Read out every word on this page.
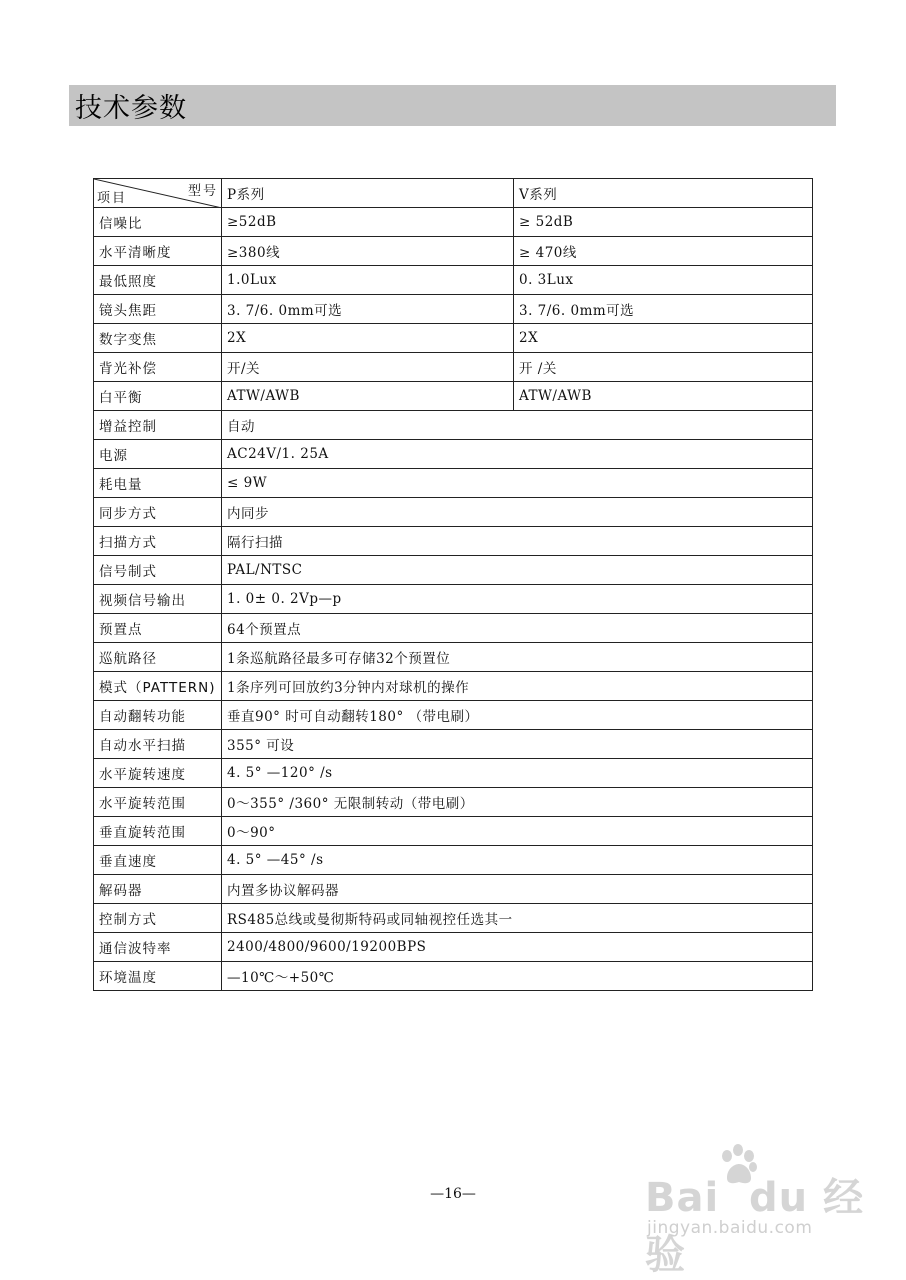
技术参数
型号
项目	P系列	V系列
信噪比	≥52dB	≥ 52dB
水平清晰度	≥380线	≥ 470线
最低照度	1.0Lux	0. 3Lux
镜头焦距	3. 7/6. 0mm可选	3. 7/6. 0mm可选
数字变焦	2X	2X
背光补偿	开/关	开 /关
白平衡	ATW/AWB	ATW/AWB
增益控制	自动	
电源	AC24V/1. 25A	
耗电量	≤ 9W	
同步方式	内同步	
扫描方式	隔行扫描	
信号制式	PAL/NTSC	
视频信号输出	1. 0± 0. 2Vp—p	
预置点	64个预置点	
巡航路径	1条巡航路径最多可存储32个预置位	
模式（PATTERN)	1条序列可回放约3分钟内对球机的操作	
自动翻转功能	垂直90° 时可自动翻转180° （带电刷）	
自动水平扫描	355° 可设	
水平旋转速度	4. 5° —120° /s	
水平旋转范围	0～355° /360° 无限制转动（带电刷）	
垂直旋转范围	0～90°	
垂直速度	4. 5° —45° /s	
解码器	内置多协议解码器	
控制方式	RS485总线或曼彻斯特码或同轴视控任选其一	
通信波特率	2400/4800/9600/19200BPS	
环境温度	—10℃～+50℃	
—16—	Bai  du 经验
jingyan.baidu.com
